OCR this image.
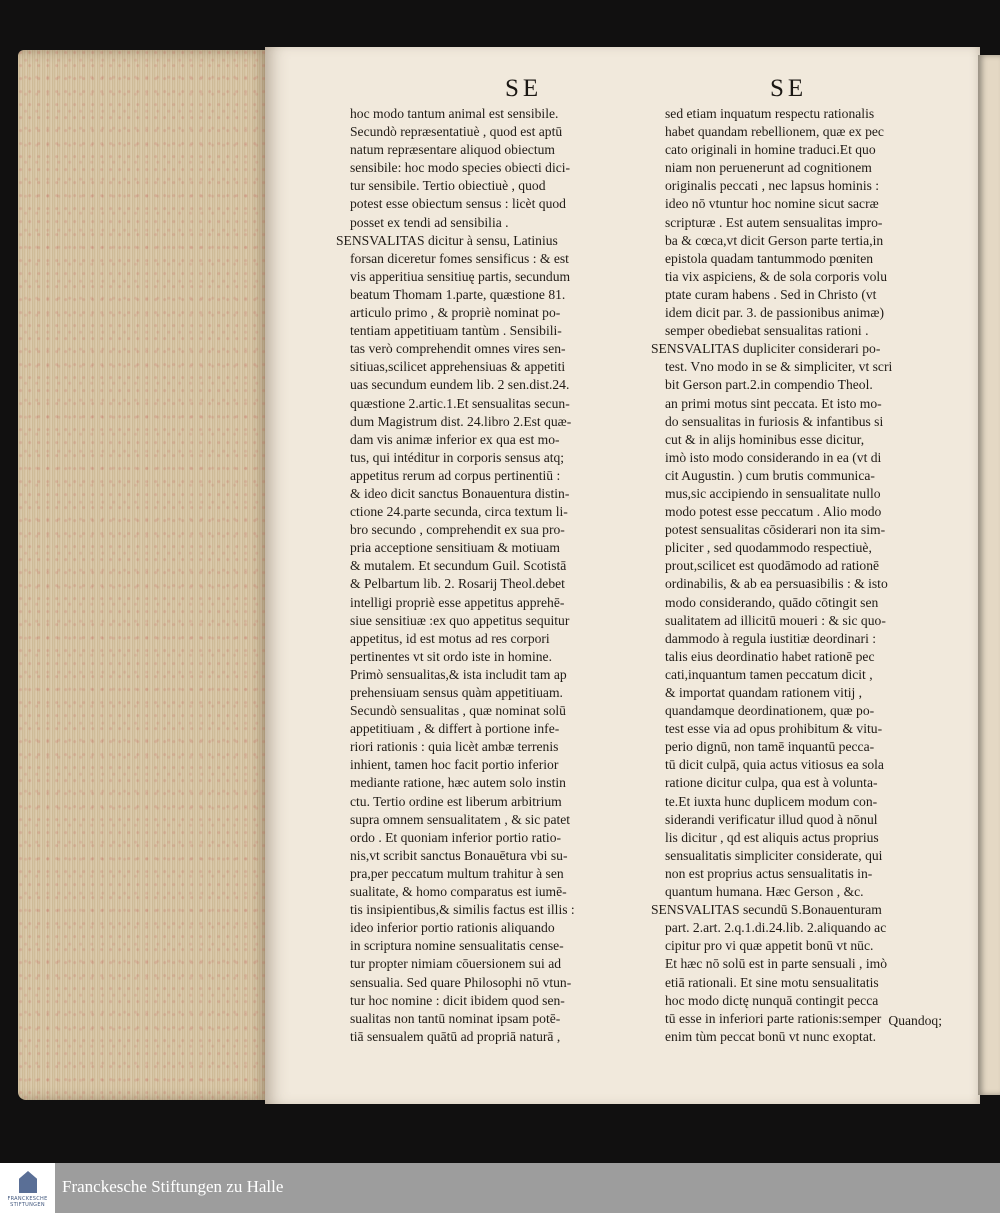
SE	SE
hoc modo tantum animal est sensibile.
Secundò repræsentatiuè , quod est aptū
natum repræsentare aliquod obiectum
sensibile: hoc modo species obiecti dici-
tur sensibile. Tertio obiectiuè , quod
potest esse obiectum sensus : licèt quod
posset ex tendi ad sensibilia .
SENSVALITAS dicitur à sensu, Latinius
forsan diceretur fomes sensificus : & est
vis apperitiua sensitiuę partis, secundum
beatum Thomam 1.parte, quæstione 81.
articulo primo , & propriè nominat po-
tentiam appetitiuam tantùm . Sensibili-
tas verò comprehendit omnes vires sen-
sitiuas,scilicet apprehensiuas & appetiti
uas secundum eundem lib. 2 sen.dist.24.
quæstione 2.artic.1.Et sensualitas secun-
dum Magistrum dist. 24.libro 2.Est quæ-
dam vis animæ inferior ex qua est mo-
tus, qui intéditur in corporis sensus atq;
appetitus rerum ad corpus pertinentiū :
& ideo dicit sanctus Bonauentura distin-
ctione 24.parte secunda, circa textum li-
bro secundo , comprehendit ex sua pro-
pria acceptione sensitiuam & motiuam
& mutalem. Et secundum Guil. Scotistā
& Pelbartum lib. 2. Rosarij Theol.debet
intelligi propriè esse appetitus apprehē-
siue sensitiuæ :ex quo appetitus sequitur
appetitus, id est motus ad res corpori
pertinentes vt sit ordo iste in homine.
Primò sensualitas,& ista includit tam ap
prehensiuam sensus quàm appetitiuam.
Secundò sensualitas , quæ nominat solū
appetitiuam , & differt à portione infe-
riori rationis : quia licèt ambæ terrenis
inhient, tamen hoc facit portio inferior
mediante ratione, hæc autem solo instin
ctu. Tertio ordine est liberum arbitrium
supra omnem sensualitatem , & sic patet
ordo . Et quoniam inferior portio ratio-
nis,vt scribit sanctus Bonauētura vbi su-
pra,per peccatum multum trahitur à sen
sualitate, & homo comparatus est iumē-
tis insipientibus,& similis factus est illis :
ideo inferior portio rationis aliquando
in scriptura nomine sensualitatis cense-
tur propter nimiam cōuersionem sui ad
sensualia. Sed quare Philosophi nō vtun-
tur hoc nomine : dicit ibidem quod sen-
sualitas non tantū nominat ipsam potē-
tiā sensualem quātū ad propriā naturā ,
sed etiam inquatum respectu rationalis
habet quandam rebellionem, quæ ex pec
cato originali in homine traduci.Et quo
niam non peruenerunt ad cognitionem
originalis peccati , nec lapsus hominis :
ideo nō vtuntur hoc nomine sicut sacræ
scripturæ . Est autem sensualitas impro-
ba & cœca,vt dicit Gerson parte tertia,in
epistola quadam tantummodo pœniten
tia vix aspiciens, & de sola corporis volu
ptate curam habens . Sed in Christo (vt
idem dicit par. 3. de passionibus animæ)
semper obediebat sensualitas rationi .
SENSVALITAS dupliciter considerari po-
test. Vno modo in se & simpliciter, vt scri
bit Gerson part.2.in compendio Theol.
an primi motus sint peccata. Et isto mo-
do sensualitas in furiosis & infantibus si
cut & in alijs hominibus esse dicitur,
imò isto modo considerando in ea (vt di
cit Augustin. ) cum brutis communica-
mus,sic accipiendo in sensualitate nullo
modo potest esse peccatum . Alio modo
potest sensualitas cōsiderari non ita sim-
pliciter , sed quodammodo respectiuè,
prout,scilicet est quodāmodo ad rationē
ordinabilis, & ab ea persuasibilis : & isto
modo considerando, quādo cōtingit sen
sualitatem ad illicitū moueri : & sic quo-
dammodo à regula iustitiæ deordinari :
talis eius deordinatio habet rationē pec
cati,inquantum tamen peccatum dicit ,
& importat quandam rationem vitij ,
quandamque deordinationem, quæ po-
test esse via ad opus prohibitum & vitu-
perio dignū, non tamē inquantū pecca-
tū dicit culpā, quia actus vitiosus ea sola
ratione dicitur culpa, qua est à volunta-
te.Et iuxta hunc duplicem modum con-
siderandi verificatur illud quod à nōnul
lis dicitur , qd est aliquis actus proprius
sensualitatis simpliciter considerate, qui
non est proprius actus sensualitatis in-
quantum humana. Hæc Gerson , &c.
SENSVALITAS secundū S.Bonauenturam
part. 2.art. 2.q.1.di.24.lib. 2.aliquando ac
cipitur pro vi quæ appetit bonū vt nūc.
Et hæc nō solū est in parte sensuali , imò
etiā rationali. Et sine motu sensualitatis
hoc modo dictę nunquā contingit pecca
tū esse in inferiori parte rationis:semper
enim tùm peccat bonū vt nunc exoptat.
Quandoq;
FRANCKESCHE
STIFTUNGEN
Franckesche Stiftungen zu Halle
